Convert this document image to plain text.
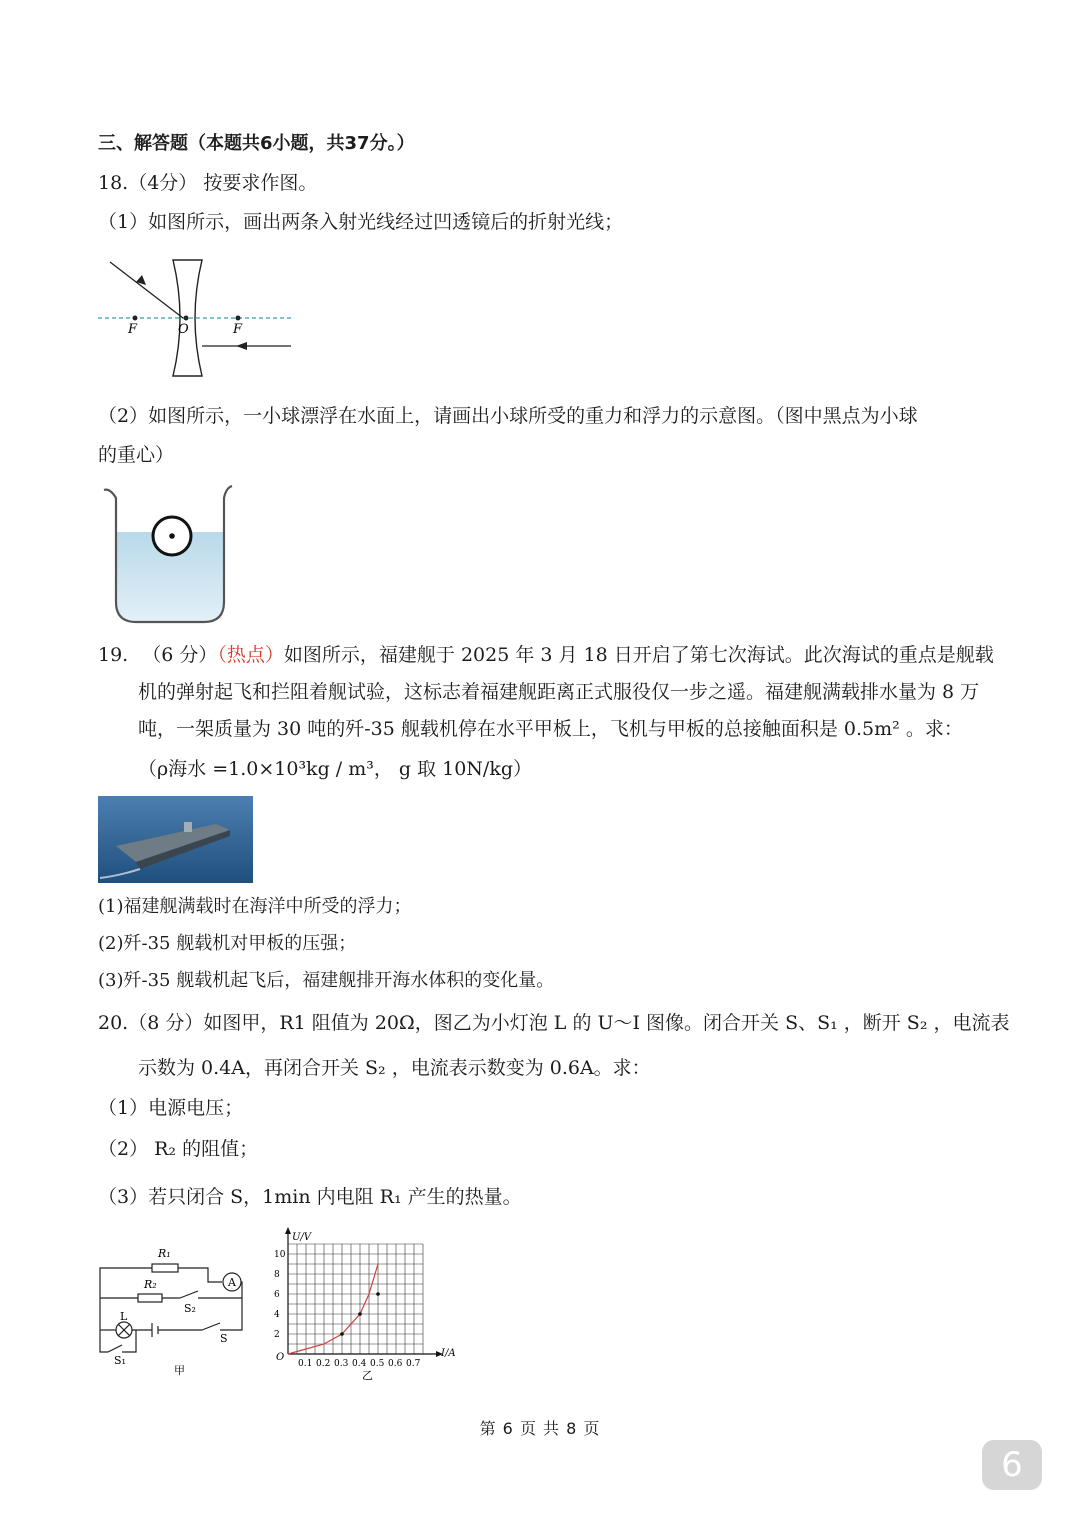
三、解答题（本题共6小题，共37分。）
18.（4分） 按要求作图。
（1）如图所示，画出两条入射光线经过凹透镜后的折射光线；
F	O	F
（2）如图所示，一小球漂浮在水面上，请画出小球所受的重力和浮力的示意图。（图中黑点为小球
的重心）
19. （6 分）（热点）如图所示，福建舰于 2025 年 3 月 18 日开启了第七次海试。此次海试的重点是舰载
机的弹射起飞和拦阻着舰试验，这标志着福建舰距离正式服役仅一步之遥。福建舰满载排水量为 8 万
吨，一架质量为 30 吨的歼-35 舰载机停在水平甲板上，飞机与甲板的总接触面积是 0.5m² 。求：
（ρ海水 =1.0×10³kg / m³， g 取 10N/kg）
(1)福建舰满载时在海洋中所受的浮力；
(2)歼-35 舰载机对甲板的压强；
(3)歼-35 舰载机起飞后，福建舰排开海水体积的变化量。
20.（8 分）如图甲，R1 阻值为 20Ω，图乙为小灯泡 L 的 U～I 图像。闭合开关 S、S₁ ，断开 S₂ ，电流表
示数为 0.4A，再闭合开关 S₂ ，电流表示数变为 0.6A。求：
（1）电源电压；
（2） R₂ 的阻值；
（3）若只闭合 S，1min 内电阻 R₁ 产生的热量。
R₁
R₂	A
S₂
L
S
S₁
甲	0.1 0.2 0.3 0.4 0.5 0.6 0.7
2
4
6
8
10
U/V
I/A
O
乙
第 6 页 共 8 页
6
